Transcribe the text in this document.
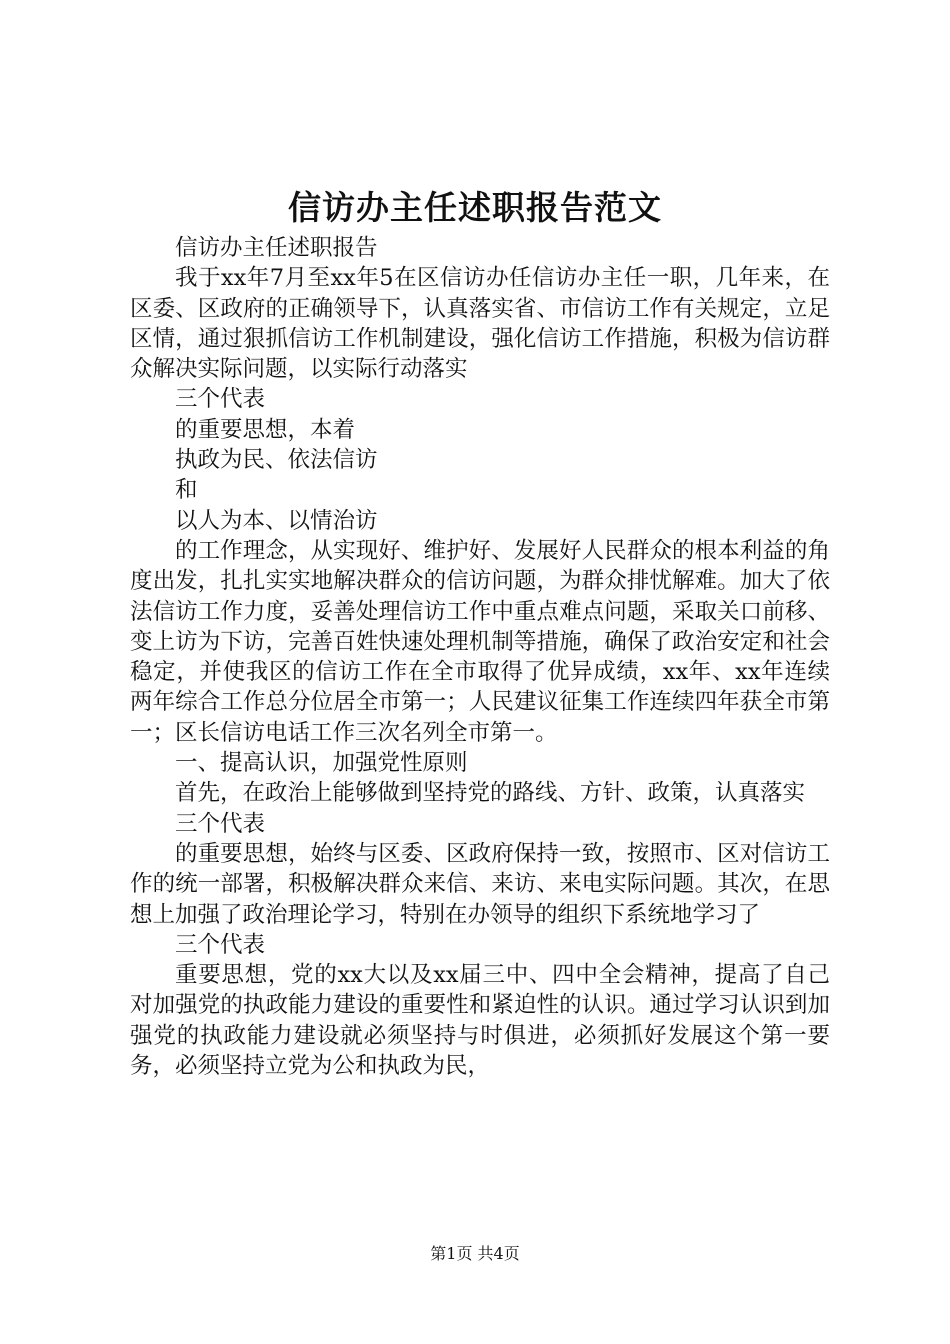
信访办主任述职报告范文

信访办主任述职报告

我于xx年7月至xx年5在区信访办任信访办主任一职，几年来，在区委、区政府的正确领导下，认真落实省、市信访工作有关规定，立足区情，通过狠抓信访工作机制建设，强化信访工作措施，积极为信访群众解决实际问题，以实际行动落实

三个代表

的重要思想，本着

执政为民、依法信访

和

以人为本、以情治访

的工作理念，从实现好、维护好、发展好人民群众的根本利益的角度出发，扎扎实实地解决群众的信访问题，为群众排忧解难。加大了依法信访工作力度，妥善处理信访工作中重点难点问题，采取关口前移、变上访为下访，完善百姓快速处理机制等措施，确保了政治安定和社会稳定，并使我区的信访工作在全市取得了优异成绩，xx年、xx年连续两年综合工作总分位居全市第一；人民建议征集工作连续四年获全市第一；区长信访电话工作三次名列全市第一。

一、提高认识，加强党性原则

首先，在政治上能够做到坚持党的路线、方针、政策，认真落实

三个代表

的重要思想，始终与区委、区政府保持一致，按照市、区对信访工作的统一部署，积极解决群众来信、来访、来电实际问题。其次，在思想上加强了政治理论学习，特别在办领导的组织下系统地学习了

三个代表

重要思想，党的xx大以及xx届三中、四中全会精神，提高了自己对加强党的执政能力建设的重要性和紧迫性的认识。通过学习认识到加强党的执政能力建设就必须坚持与时俱进，必须抓好发展这个第一要务，必须坚持立党为公和执政为民，

第1页 共4页
